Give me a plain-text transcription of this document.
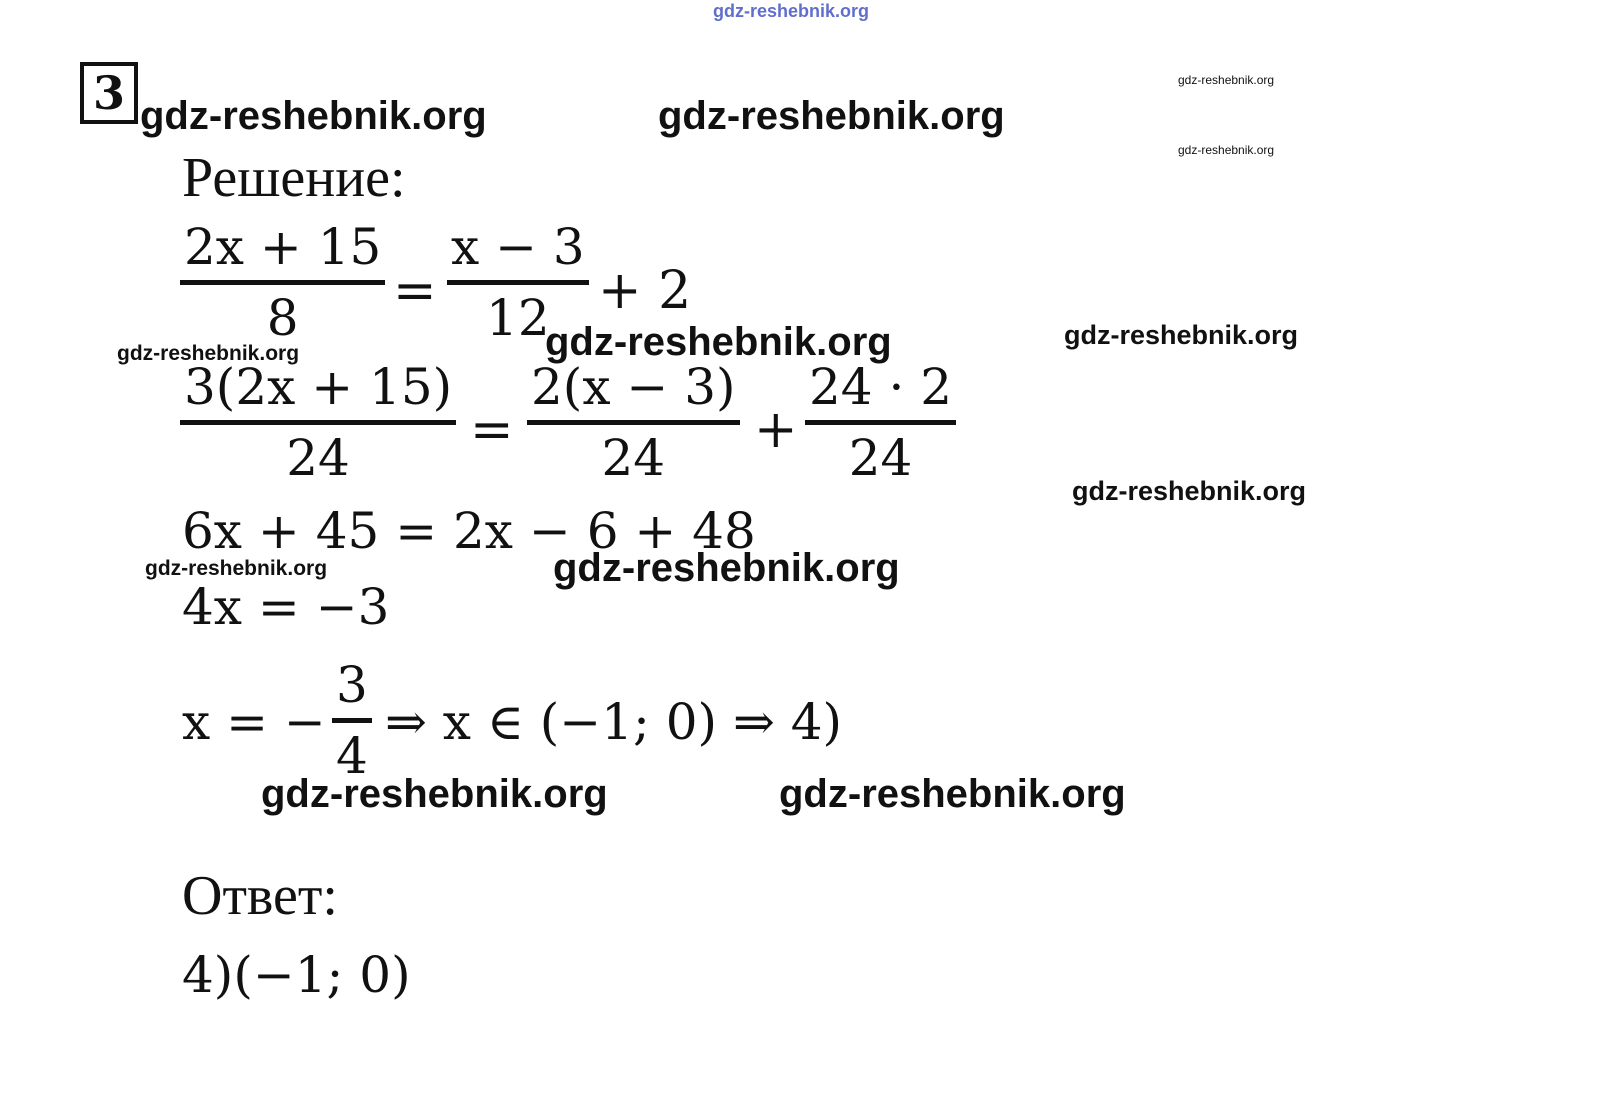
gdz-reshebnik.org
3 gdz-reshebnik.org	gdz-reshebnik.org
gdz-reshebnik.org
gdz-reshebnik.org
Решение:
2x + 15
8 =
x − 3
12 + 2
gdz-reshebnik.org	gdz-reshebnik.org
gdz-reshebnik.org
3(2x + 15)
24 =
2(x − 3)
24 +
24 · 2
24
gdz-reshebnik.org
6x + 45 = 2x − 6 + 48
gdz-reshebnik.org	gdz-reshebnik.org
4x = −3
x = −
3
4
⇒ x ∈ (−1; 0) ⇒ 4)
gdz-reshebnik.org	gdz-reshebnik.org
Ответ:
4)(−1; 0)
